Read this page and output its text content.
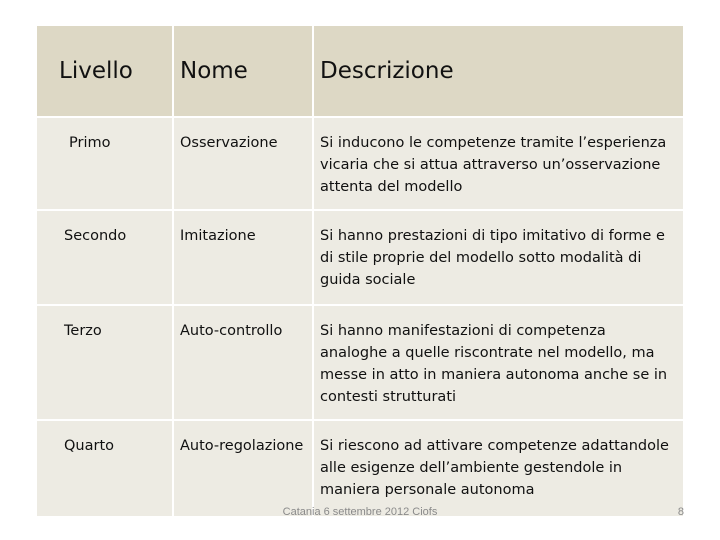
Livello	Nome	Descrizione
Primo	Osservazione	Si inducono le competenze tramite l’esperienza vicaria che si attua attraverso un’osservazione attenta del modello
Secondo	Imitazione	Si hanno prestazioni di tipo imitativo di forme e di stile proprie del modello sotto modalità di guida sociale
Terzo	Auto-controllo	Si hanno manifestazioni di competenza analoghe a quelle riscontrate nel modello, ma messe in atto in maniera autonoma anche se in contesti strutturati
Quarto	Auto-regolazione	Si riescono ad attivare competenze adattandole alle esigenze dell’ambiente gestendole in maniera personale autonoma
Catania 6 settembre 2012 Ciofs	8
